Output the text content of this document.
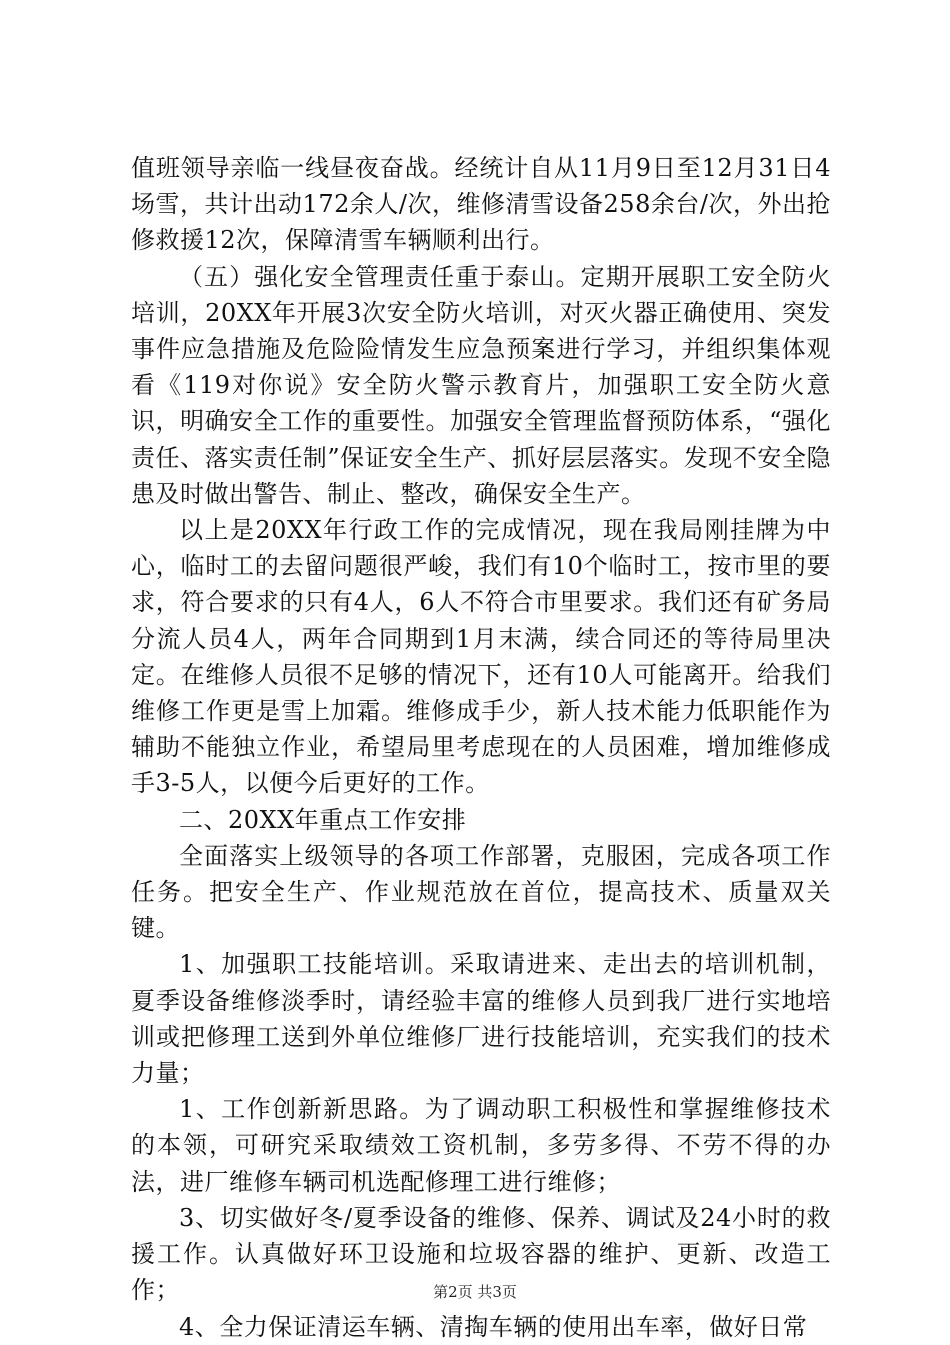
值班领导亲临一线昼夜奋战。经统计自从11月9日至12月31日4场雪，共计出动172余人/次，维修清雪设备258余台/次，外出抢修救援12次，保障清雪车辆顺利出行。

（五）强化安全管理责任重于泰山。定期开展职工安全防火培训，20XX年开展3次安全防火培训，对灭火器正确使用、突发事件应急措施及危险险情发生应急预案进行学习，并组织集体观看《119对你说》安全防火警示教育片，加强职工安全防火意识，明确安全工作的重要性。加强安全管理监督预防体系，“强化责任、落实责任制”保证安全生产、抓好层层落实。发现不安全隐患及时做出警告、制止、整改，确保安全生产。

以上是20XX年行政工作的完成情况，现在我局刚挂牌为中心，临时工的去留问题很严峻，我们有10个临时工，按市里的要求，符合要求的只有4人，6人不符合市里要求。我们还有矿务局分流人员4人，两年合同期到1月末满，续合同还的等待局里决定。在维修人员很不足够的情况下，还有10人可能离开。给我们维修工作更是雪上加霜。维修成手少，新人技术能力低职能作为辅助不能独立作业，希望局里考虑现在的人员困难，增加维修成手3-5人，以便今后更好的工作。

二、20XX年重点工作安排

全面落实上级领导的各项工作部署，克服困，完成各项工作任务。把安全生产、作业规范放在首位，提高技术、质量双关键。

1、加强职工技能培训。采取请进来、走出去的培训机制，夏季设备维修淡季时，请经验丰富的维修人员到我厂进行实地培训或把修理工送到外单位维修厂进行技能培训，充实我们的技术力量；

1、工作创新新思路。为了调动职工积极性和掌握维修技术的本领，可研究采取绩效工资机制，多劳多得、不劳不得的办法，进厂维修车辆司机选配修理工进行维修；

3、切实做好冬/夏季设备的维修、保养、调试及24小时的救援工作。认真做好环卫设施和垃圾容器的维护、更新、改造工作；

4、全力保证清运车辆、清掏车辆的使用出车率，做好日常

第2页 共3页
